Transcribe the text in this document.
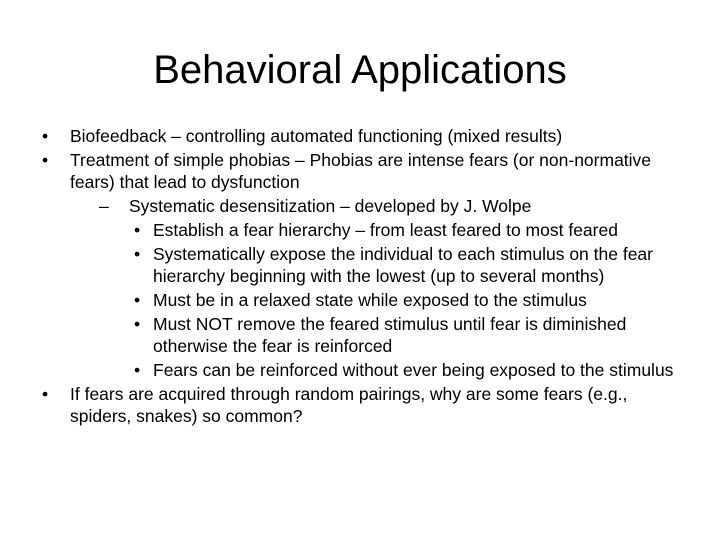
Behavioral Applications
• Biofeedback – controlling automated functioning (mixed results)
• Treatment of simple phobias – Phobias are intense fears (or non-normative fears) that lead to dysfunction
– Systematic desensitization – developed by J. Wolpe
• Establish a fear hierarchy – from least feared to most feared
• Systematically expose the individual to each stimulus on the fear hierarchy beginning with the lowest (up to several months)
• Must be in a relaxed state while exposed to the stimulus
• Must NOT remove the feared stimulus until fear is diminished otherwise the fear is reinforced
• Fears can be reinforced without ever being exposed to the stimulus
• If fears are acquired through random pairings, why are some fears (e.g., spiders, snakes) so common?
